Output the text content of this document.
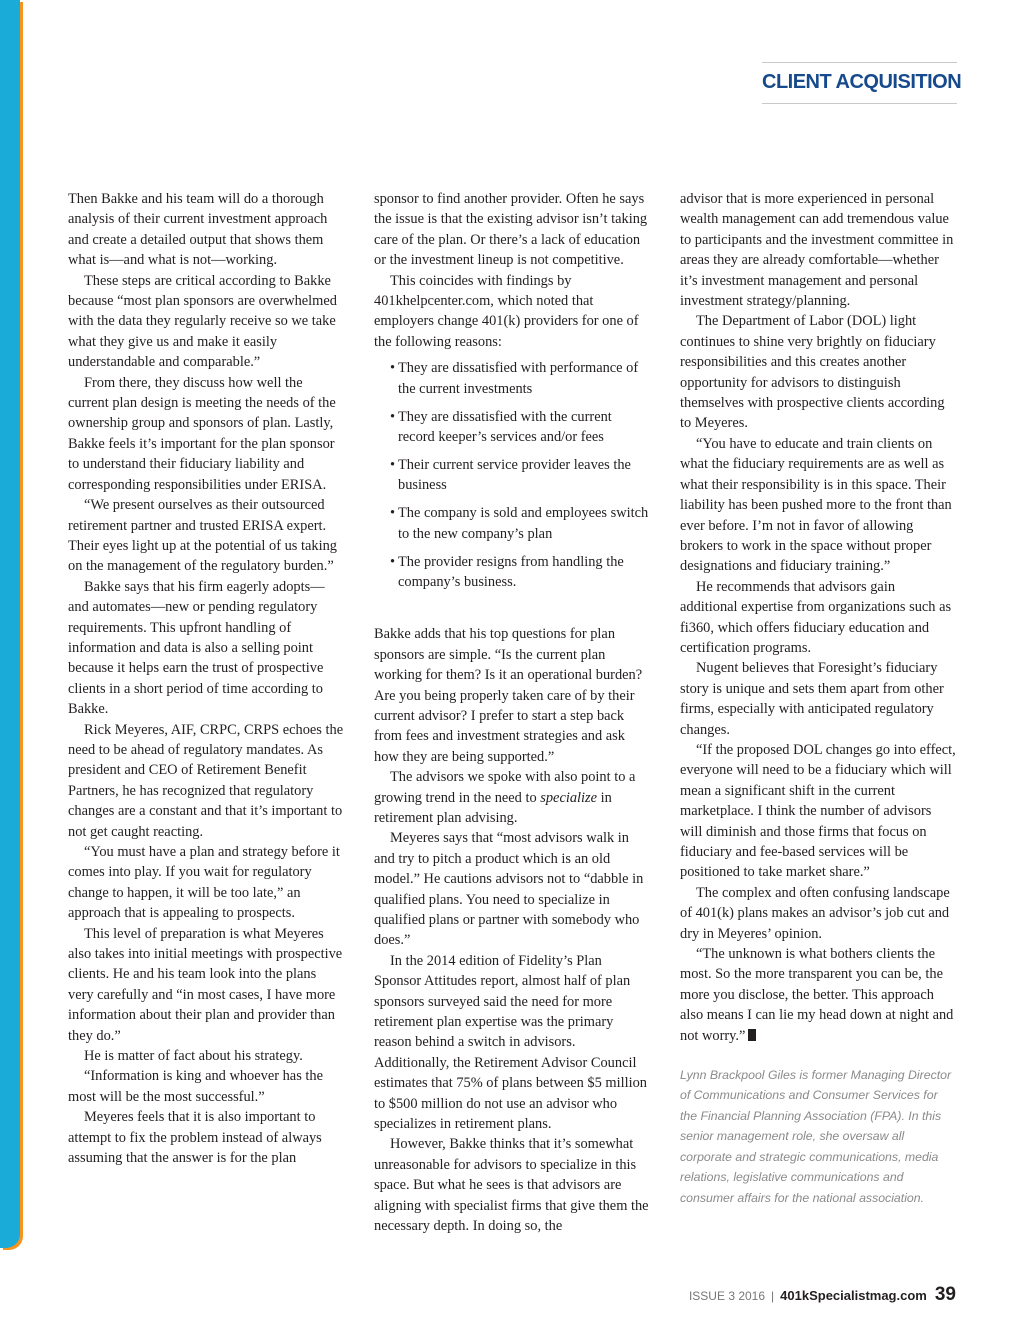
CLIENT ACQUISITION

Then Bakke and his team will do a thorough analysis of their current investment approach and create a detailed output that shows them what is—and what is not—working.

These steps are critical according to Bakke because “most plan sponsors are overwhelmed with the data they regularly receive so we take what they give us and make it easily understandable and comparable.”

From there, they discuss how well the current plan design is meeting the needs of the ownership group and sponsors of plan. Lastly, Bakke feels it’s important for the plan sponsor to understand their fiduciary liability and corresponding responsibilities under ERISA.

“We present ourselves as their outsourced retirement partner and trusted ERISA expert. Their eyes light up at the potential of us taking on the management of the regulatory burden.”

Bakke says that his firm eagerly adopts—and automates—new or pending regulatory requirements. This upfront handling of information and data is also a selling point because it helps earn the trust of prospective clients in a short period of time according to Bakke.

Rick Meyeres, AIF, CRPC, CRPS echoes the need to be ahead of regulatory mandates. As president and CEO of Retirement Benefit Partners, he has recognized that regulatory changes are a constant and that it’s important to not get caught reacting.

“You must have a plan and strategy before it comes into play. If you wait for regulatory change to happen, it will be too late,” an approach that is appealing to prospects.

This level of preparation is what Meyeres also takes into initial meetings with prospective clients. He and his team look into the plans very carefully and “in most cases, I have more information about their plan and provider than they do.”

He is matter of fact about his strategy.

“Information is king and whoever has the most will be the most successful.”

Meyeres feels that it is also important to attempt to fix the problem instead of always assuming that the answer is for the plan

sponsor to find another provider. Often he says the issue is that the existing advisor isn’t taking care of the plan. Or there’s a lack of education or the investment lineup is not competitive.

This coincides with findings by 401khelpcenter.com, which noted that employers change 401(k) providers for one of the following reasons:

• They are dissatisfied with performance of the current investments
• They are dissatisfied with the current record keeper’s services and/or fees
• Their current service provider leaves the business
• The company is sold and employees switch to the new company’s plan
• The provider resigns from handling the company’s business.

Bakke adds that his top questions for plan sponsors are simple. “Is the current plan working for them? Is it an operational burden? Are you being properly taken care of by their current advisor? I prefer to start a step back from fees and investment strategies and ask how they are being supported.”

The advisors we spoke with also point to a growing trend in the need to specialize in retirement plan advising.

Meyeres says that “most advisors walk in and try to pitch a product which is an old model.” He cautions advisors not to “dabble in qualified plans. You need to specialize in qualified plans or partner with somebody who does.”

In the 2014 edition of Fidelity’s Plan Sponsor Attitudes report, almost half of plan sponsors surveyed said the need for more retirement plan expertise was the primary reason behind a switch in advisors. Additionally, the Retirement Advisor Council estimates that 75% of plans between $5 million to $500 million do not use an advisor who specializes in retirement plans.

However, Bakke thinks that it’s somewhat unreasonable for advisors to specialize in this space. But what he sees is that advisors are aligning with specialist firms that give them the necessary depth. In doing so, the

advisor that is more experienced in personal wealth management can add tremendous value to participants and the investment committee in areas they are already comfortable—whether it’s investment management and personal investment strategy/planning.

The Department of Labor (DOL) light continues to shine very brightly on fiduciary responsibilities and this creates another opportunity for advisors to distinguish themselves with prospective clients according to Meyeres.

“You have to educate and train clients on what the fiduciary requirements are as well as what their responsibility is in this space. Their liability has been pushed more to the front than ever before. I’m not in favor of allowing brokers to work in the space without proper designations and fiduciary training.”

He recommends that advisors gain additional expertise from organizations such as fi360, which offers fiduciary education and certification programs.

Nugent believes that Foresight’s fiduciary story is unique and sets them apart from other firms, especially with anticipated regulatory changes.

“If the proposed DOL changes go into effect, everyone will need to be a fiduciary which will mean a significant shift in the current marketplace. I think the number of advisors will diminish and those firms that focus on fiduciary and fee-based services will be positioned to take market share.”

The complex and often confusing landscape of 401(k) plans makes an advisor’s job cut and dry in Meyeres’ opinion.

“The unknown is what bothers clients the most. So the more transparent you can be, the more you disclose, the better. This approach also means I can lie my head down at night and not worry.”

Lynn Brackpool Giles is former Managing Director of Communications and Consumer Services for the Financial Planning Association (FPA). In this senior management role, she oversaw all corporate and strategic communications, media relations, legislative communications and consumer affairs for the national association.
ISSUE 3 2016 | 401kSpecialistmag.com 39
